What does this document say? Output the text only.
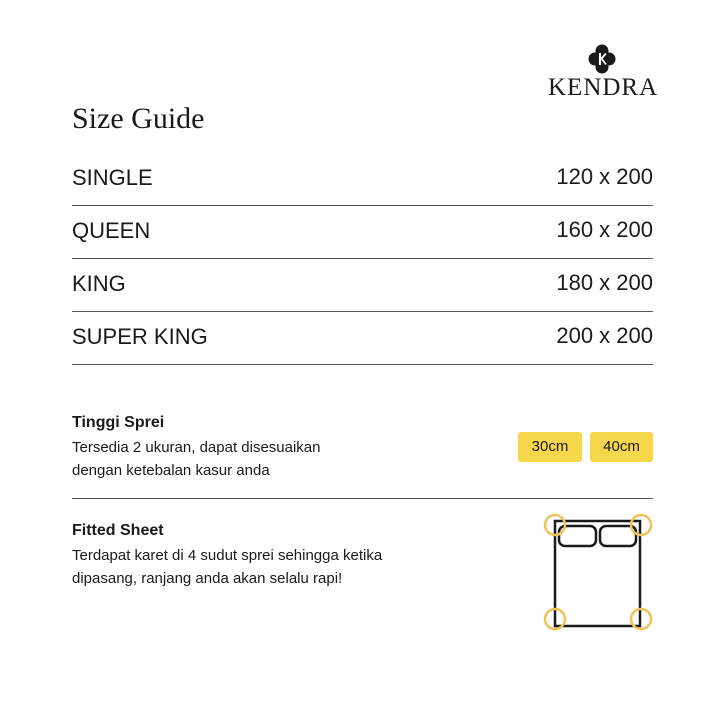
KENDRA
Size Guide
SINGLE	120 x 200
QUEEN	160 x 200
KING	180 x 200
SUPER KING	200 x 200
Tinggi Sprei
Tersedia 2 ukuran, dapat disesuaikan
dengan ketebalan kasur anda
30cm	40cm
Fitted Sheet
Terdapat karet di 4 sudut sprei sehingga ketika
dipasang, ranjang anda akan selalu rapi!
